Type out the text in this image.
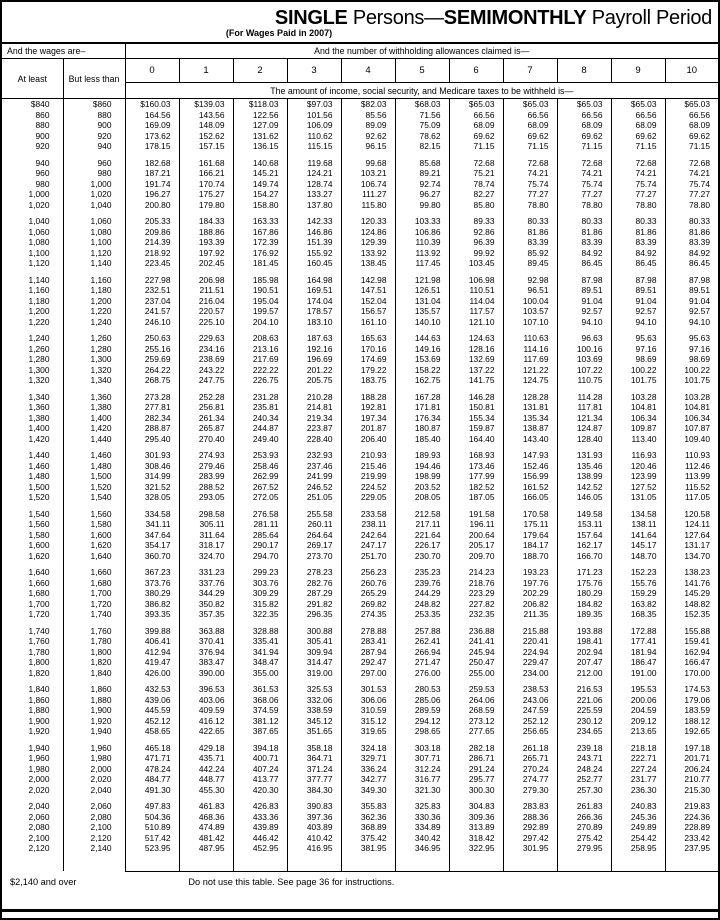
SINGLE Persons—SEMIMONTHLY Payroll Period
(For Wages Paid in 2007)
And the wages are–		And the number of withholding allowances claimed is—										
At least	But less than	0	1	2	3	4	5	6	7	8	9	10
		The amount of income, social security, and Medicare taxes to be withheld is—										
$840	$860	$160.03	$139.03	$118.03	$97.03	$82.03	$68.03	$65.03	$65.03	$65.03	$65.03	$65.03
860	880	164.56	143.56	122.56	101.56	85.56	71.56	66.56	66.56	66.56	66.56	66.56
880	900	169.09	148.09	127.09	106.09	89.09	75.09	68.09	68.09	68.09	68.09	68.09
900	920	173.62	152.62	131.62	110.62	92.62	78.62	69.62	69.62	69.62	69.62	69.62
920	940	178.15	157.15	136.15	115.15	96.15	82.15	71.15	71.15	71.15	71.15	71.15

940	960	182.68	161.68	140.68	119.68	99.68	85.68	72.68	72.68	72.68	72.68	72.68
960	980	187.21	166.21	145.21	124.21	103.21	89.21	75.21	74.21	74.21	74.21	74.21
980	1,000	191.74	170.74	149.74	128.74	106.74	92.74	78.74	75.74	75.74	75.74	75.74
1,000	1,020	196.27	175.27	154.27	133.27	111.27	96.27	82.27	77.27	77.27	77.27	77.27
1,020	1,040	200.80	179.80	158.80	137.80	115.80	99.80	85.80	78.80	78.80	78.80	78.80

1,040	1,060	205.33	184.33	163.33	142.33	120.33	103.33	89.33	80.33	80.33	80.33	80.33
1,060	1,080	209.86	188.86	167.86	146.86	124.86	106.86	92.86	81.86	81.86	81.86	81.86
1,080	1,100	214.39	193.39	172.39	151.39	129.39	110.39	96.39	83.39	83.39	83.39	83.39
1,100	1,120	218.92	197.92	176.92	155.92	133.92	113.92	99.92	85.92	84.92	84.92	84.92
1,120	1,140	223.45	202.45	181.45	160.45	138.45	117.45	103.45	89.45	86.45	86.45	86.45

1,140	1,160	227.98	206.98	185.98	164.98	142.98	121.98	106.98	92.98	87.98	87.98	87.98
1,160	1,180	232.51	211.51	190.51	169.51	147.51	126.51	110.51	96.51	89.51	89.51	89.51
1,180	1,200	237.04	216.04	195.04	174.04	152.04	131.04	114.04	100.04	91.04	91.04	91.04
1,200	1,220	241.57	220.57	199.57	178.57	156.57	135.57	117.57	103.57	92.57	92.57	92.57
1,220	1,240	246.10	225.10	204.10	183.10	161.10	140.10	121.10	107.10	94.10	94.10	94.10

1,240	1,260	250.63	229.63	208.63	187.63	165.63	144.63	124.63	110.63	96.63	95.63	95.63
1,260	1,280	255.16	234.16	213.16	192.16	170.16	149.16	128.16	114.16	100.16	97.16	97.16
1,280	1,300	259.69	238.69	217.69	196.69	174.69	153.69	132.69	117.69	103.69	98.69	98.69
1,300	1,320	264.22	243.22	222.22	201.22	179.22	158.22	137.22	121.22	107.22	100.22	100.22
1,320	1,340	268.75	247.75	226.75	205.75	183.75	162.75	141.75	124.75	110.75	101.75	101.75

1,340	1,360	273.28	252.28	231.28	210.28	188.28	167.28	146.28	128.28	114.28	103.28	103.28
1,360	1,380	277.81	256.81	235.81	214.81	192.81	171.81	150.81	131.81	117.81	104.81	104.81
1,380	1,400	282.34	261.34	240.34	219.34	197.34	176.34	155.34	135.34	121.34	106.34	106.34
1,400	1,420	288.87	265.87	244.87	223.87	201.87	180.87	159.87	138.87	124.87	109.87	107.87
1,420	1,440	295.40	270.40	249.40	228.40	206.40	185.40	164.40	143.40	128.40	113.40	109.40

1,440	1,460	301.93	274.93	253.93	232.93	210.93	189.93	168.93	147.93	131.93	116.93	110.93
1,460	1,480	308.46	279.46	258.46	237.46	215.46	194.46	173.46	152.46	135.46	120.46	112.46
1,480	1,500	314.99	283.99	262.99	241.99	219.99	198.99	177.99	156.99	138.99	123.99	113.99
1,500	1,520	321.52	288.52	267.52	246.52	224.52	203.52	182.52	161.52	142.52	127.52	115.52
1,520	1,540	328.05	293.05	272.05	251.05	229.05	208.05	187.05	166.05	146.05	131.05	117.05

1,540	1,560	334.58	298.58	276.58	255.58	233.58	212.58	191.58	170.58	149.58	134.58	120.58
1,560	1,580	341.11	305.11	281.11	260.11	238.11	217.11	196.11	175.11	153.11	138.11	124.11
1,580	1,600	347.64	311.64	285.64	264.64	242.64	221.64	200.64	179.64	157.64	141.64	127.64
1,600	1,620	354.17	318.17	290.17	269.17	247.17	226.17	205.17	184.17	162.17	145.17	131.17
1,620	1,640	360.70	324.70	294.70	273.70	251.70	230.70	209.70	188.70	166.70	148.70	134.70

1,640	1,660	367.23	331.23	299.23	278.23	256.23	235.23	214.23	193.23	171.23	152.23	138.23
1,660	1,680	373.76	337.76	303.76	282.76	260.76	239.76	218.76	197.76	175.76	155.76	141.76
1,680	1,700	380.29	344.29	309.29	287.29	265.29	244.29	223.29	202.29	180.29	159.29	145.29
1,700	1,720	386.82	350.82	315.82	291.82	269.82	248.82	227.82	206.82	184.82	163.82	148.82
1,720	1,740	393.35	357.35	322.35	296.35	274.35	253.35	232.35	211.35	189.35	168.35	152.35

1,740	1,760	399.88	363.88	328.88	300.88	278.88	257.88	236.88	215.88	193.88	172.88	155.88
1,760	1,780	406.41	370.41	335.41	305.41	283.41	262.41	241.41	220.41	198.41	177.41	159.41
1,780	1,800	412.94	376.94	341.94	309.94	287.94	266.94	245.94	224.94	202.94	181.94	162.94
1,800	1,820	419.47	383.47	348.47	314.47	292.47	271.47	250.47	229.47	207.47	186.47	166.47
1,820	1,840	426.00	390.00	355.00	319.00	297.00	276.00	255.00	234.00	212.00	191.00	170.00

1,840	1,860	432.53	396.53	361.53	325.53	301.53	280.53	259.53	238.53	216.53	195.53	174.53
1,860	1,880	439.06	403.06	368.06	332.06	306.06	285.06	264.06	243.06	221.06	200.06	179.06
1,880	1,900	445.59	409.59	374.59	338.59	310.59	289.59	268.59	247.59	225.59	204.59	183.59
1,900	1,920	452.12	416.12	381.12	345.12	315.12	294.12	273.12	252.12	230.12	209.12	188.12
1,920	1,940	458.65	422.65	387.65	351.65	319.65	298.65	277.65	256.65	234.65	213.65	192.65

1,940	1,960	465.18	429.18	394.18	358.18	324.18	303.18	282.18	261.18	239.18	218.18	197.18
1,960	1,980	471.71	435.71	400.71	364.71	329.71	307.71	286.71	265.71	243.71	222.71	201.71
1,980	2,000	478.24	442.24	407.24	371.24	336.24	312.24	291.24	270.24	248.24	227.24	206.24
2,000	2,020	484.77	448.77	413.77	377.77	342.77	316.77	295.77	274.77	252.77	231.77	210.77
2,020	2,040	491.30	455.30	420.30	384.30	349.30	321.30	300.30	279.30	257.30	236.30	215.30

2,040	2,060	497.83	461.83	426.83	390.83	355.83	325.83	304.83	283.83	261.83	240.83	219.83
2,060	2,080	504.36	468.36	433.36	397.36	362.36	330.36	309.36	288.36	266.36	245.36	224.36
2,080	2,100	510.89	474.89	439.89	403.89	368.89	334.89	313.89	292.89	270.89	249.89	228.89
2,100	2,120	517.42	481.42	446.42	410.42	375.42	340.42	318.42	297.42	275.42	254.42	233.42
2,120	2,140	523.95	487.95	452.95	416.95	381.95	346.95	322.95	301.95	279.95	258.95	237.95

$2,140 and over	Do not use this table. See page 36 for instructions.
